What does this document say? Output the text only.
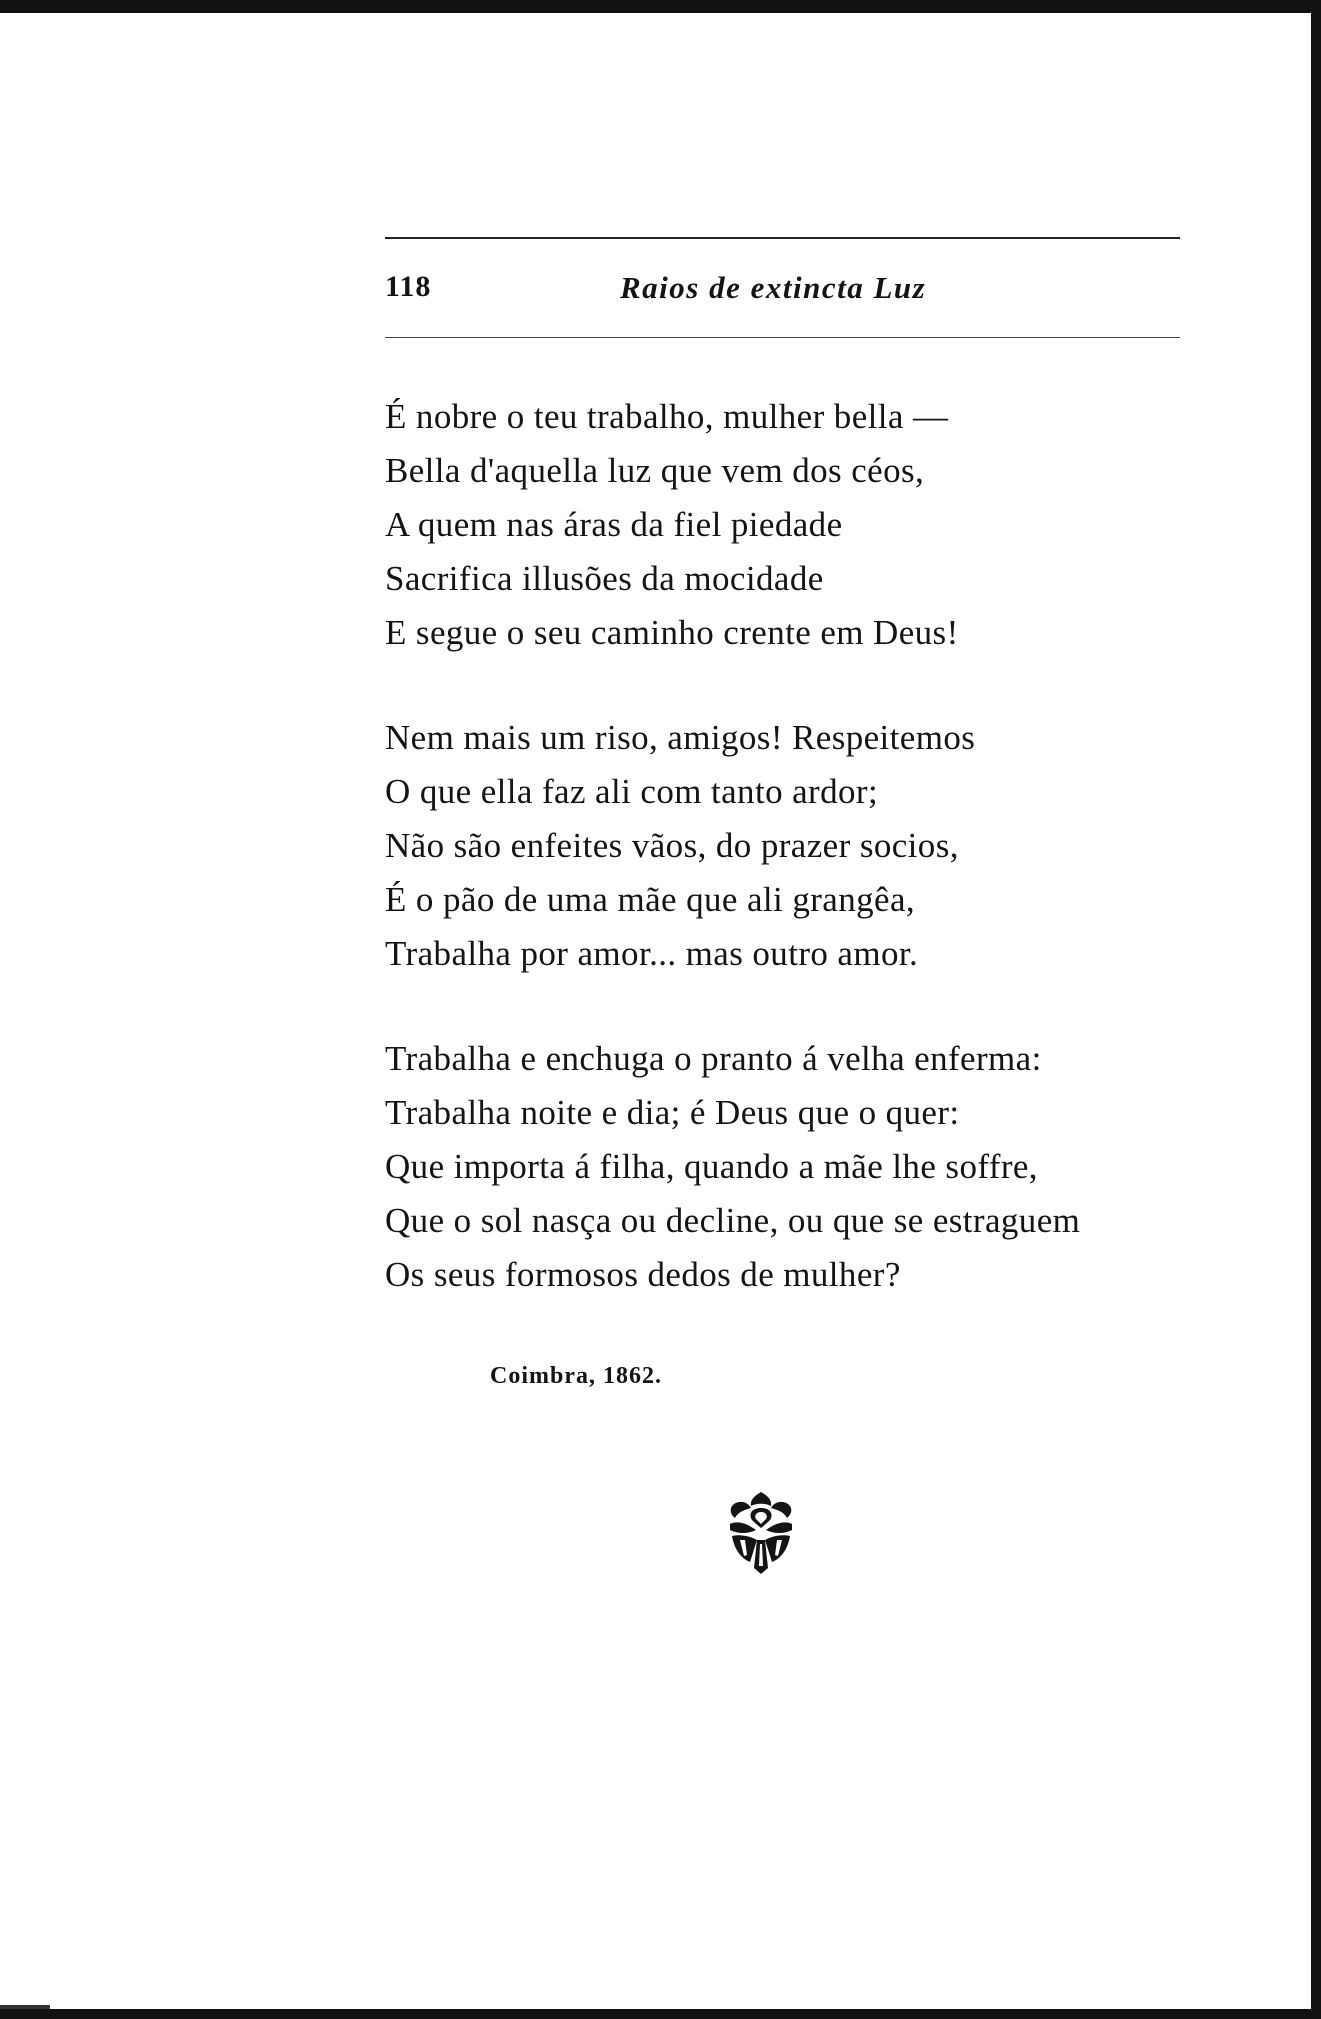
118	Raios de extincta Luz
É nobre o teu trabalho, mulher bella —
Bella d'aquella luz que vem dos céos,
A quem nas áras da fiel piedade
Sacrifica illusões da mocidade
E segue o seu caminho crente em Deus!
Nem mais um riso, amigos! Respeitemos
O que ella faz ali com tanto ardor;
Não são enfeites vãos, do prazer socios,
É o pão de uma mãe que ali grangêa,
Trabalha por amor... mas outro amor.
Trabalha e enchuga o pranto á velha enferma:
Trabalha noite e dia; é Deus que o quer:
Que importa á filha, quando a mãe lhe soffre,
Que o sol nasça ou decline, ou que se estraguem
Os seus formosos dedos de mulher?
Coimbra, 1862.
